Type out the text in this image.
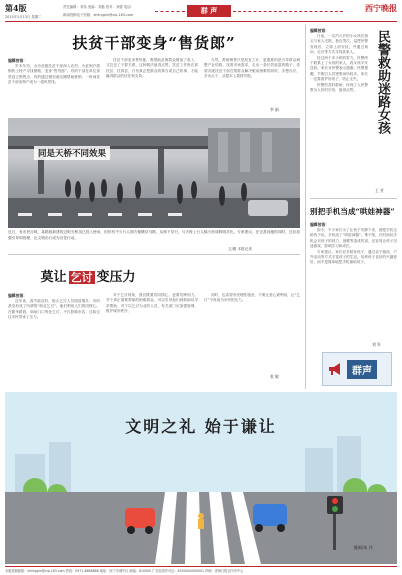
第4版
2015年1月13日 星期二
责任编辑：刘伟 美编：刘磊 校对：刘强 电话：
新闻投稿电子信箱：zhlingpin@vip.163.com	群 声	西宁晚报
扶贫干部变身“售货郎”
编辑按语：

岁末年初，全市各级扶贫干部深入农村，为贫困户滞销的土特产寻找销路，变身“售货郎”。有的干部在单位食堂设立销售点，有的通过微信朋友圈帮助推销，一时间扶贫干部卖特产成为一道风景线。

扶贫干部变身售货郎，既帮助贫困群众增加了收入，又拉近了干群关系，这种做法值得点赞。扶贫工作贵在真扶贫、扶真贫，只有真正把群众的事当成自己的事，才能赢得群众的信任和支持。

当然，帮助销售只是权宜之计，更重要的是引导群众调整产业结构，找准市场需求，走出一条长效致富的路子。希望各级扶贫干部在帮群众解决眼前困难的同时，多想办法、多出点子，从根本上拔掉穷根。

李 娟
同是天桥不同效果
近日，有市民反映，某路段新建的过街天桥虽已投入使用，但仍有不少行人图方便横穿马路，从桥下穿行，与天桥上行人稀少形成鲜明对比。专家建议，在完善设施的同时，还应加强引导和管理，让文明出行成为自觉行动。
文/图 本报记者
莫让 乞讨 变压力
编辑按语：

近年来，春节临近时，街头乞讨人员明显增多，有的甚至形成了所谓的“职业乞讨”。他们利用人们的同情心，在繁华路段、商场门口等处乞讨，不仅影响市容，还给过往市民带来了压力。

对于乞讨现象，我们既要有同情心，更要有辨别力。对于真正需要帮助的困难群众，可以引导他们到救助站寻求帮助；对于以乞讨为业的人员，有关部门应加强管理，维护城市秩序。

同时，也希望市民理性施舍，不要让爱心被利用，让“乞讨”不再成为市民的压力。

张 敏
编辑按语：

日前，一名约六岁的小女孩在街头与家人走散，独自哭泣。巡逻民警发现后，立即上前安抚，并通过询问、走访等方式寻找其家人。

经过两个多小时的努力，民警终于联系上了女孩的家人，将女孩平安送回。家长对民警表示感谢。民警提醒，节假日人员密集场所较多，家长一定要看护好孩子，防止走失。

民警的及时救助，体现了人民警察为人民的宗旨，值得点赞。	民警救助迷路女孩
王 芳
别把手机当成“哄娃神器”
编辑按语：

如今，不少家长为了让孩子安静下来，便把手机交给孩子玩，手机成了“哄娃神器”。殊不知，长时间玩手机会对孩子的视力、颈椎等造成伤害，还容易让孩子沉迷游戏，影响学习和成长。

专家建议，家长应多陪伴孩子，通过亲子阅读、户外活动等方式丰富孩子的生活，培养孩子良好的兴趣爱好，而不是简单地把手机塞给孩子。

刘 军
群声
文明之礼 始于谦让
漫画/朱 丹
本版投稿邮箱：zhlingpin@vip.163.com 热线：0971-8888888 地址：西宁市城中区 邮编：810000 广告经营许可证：6300004000001 印刷：青海日报社印务中心
